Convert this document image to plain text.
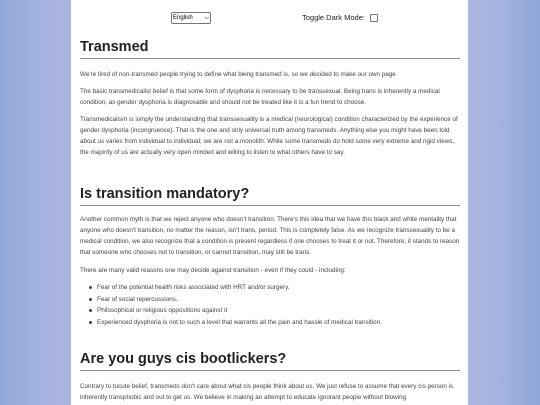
English ⌵	Toggle Dark Mode:
Transmed

We're tired of non-transmed people trying to define what being transmed is, so we decided to make our own page

The basic transmedicalist belief is that some form of dysphoria is necessary to be transsexual. Being trans is inherently a medical condition, as gender dysphoria is diagnosable and should not be treated like it is a fun trend to choose.

Transmedicalism is simply the understanding that transsexuality is a medical (neurological) condition characterized by the experience of gender dysphoria (incongruence). That is the one and only universal truth among transmeds. Anything else you might have been told about us varies from individual to individual; we are not a monolith. While some transmeds do hold some very extreme and rigid views, the majority of us are actually very open minded and willing to listen to what others have to say.

Is transition mandatory?

Another common myth is that we reject anyone who doesn't transition. There's this idea that we have this black and white mentality that anyone who doesn't transition, no matter the reason, isn't trans, period. This is completely false. As we recognize transsexuality to be a medical condition, we also recognize that a condition is present regardless if one chooses to treat it or not. Therefore, it stands to reason that someone who chooses not to transition, or cannot transition, may still be trans.

There are many valid reasons one may decide against transition - even if they could - including:

Fear of the potential health risks associated with HRT and/or surgery.
Fear of social repercussions.
Philosophical or religious oppositions against it
Experienced dysphoria is not to such a level that warrants all the pain and hassle of medical transition.
Are you guys cis bootlickers?

Contrary to tucute belief, transmeds don't care about what cis people think about us. We just refuse to assume that every cis person is inherently transphobic and out to get us. We believe in making an attempt to educate ignorant people without blowing
